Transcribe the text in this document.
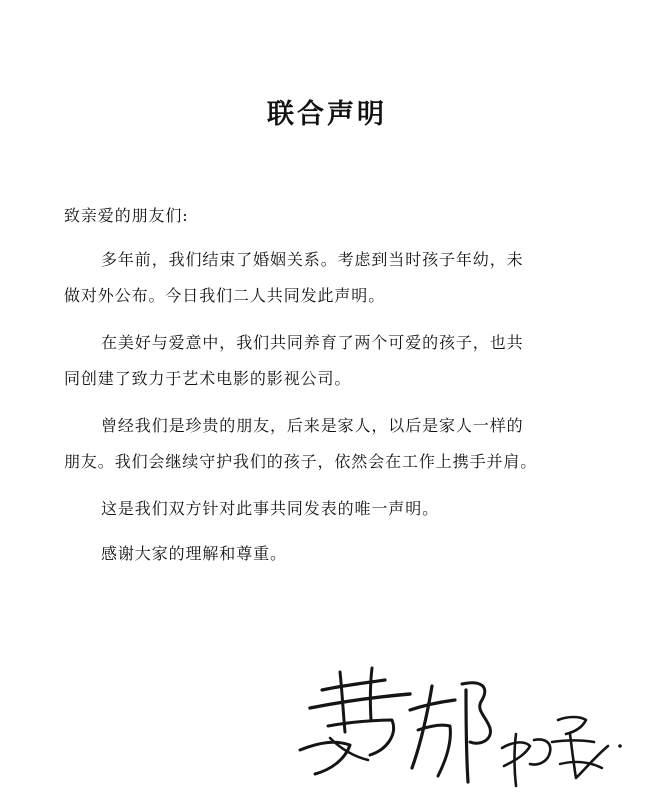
联合声明
致亲爱的朋友们:
多年前，我们结束了婚姻关系。考虑到当时孩子年幼，未
做对外公布。今日我们二人共同发此声明。
在美好与爱意中，我们共同养育了两个可爱的孩子，也共
同创建了致力于艺术电影的影视公司。
曾经我们是珍贵的朋友，后来是家人，以后是家人一样的
朋友。我们会继续守护我们的孩子，依然会在工作上携手并肩。
这是我们双方针对此事共同发表的唯一声明。
感谢大家的理解和尊重。
